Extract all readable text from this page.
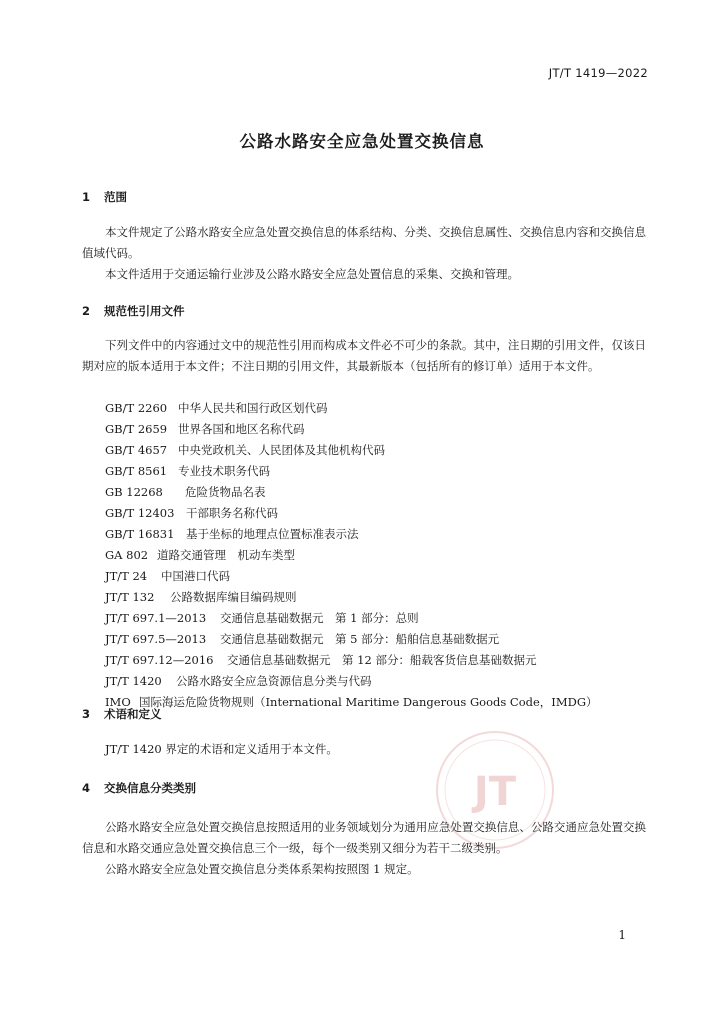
JT/T 1419—2022
公路水路安全应急处置交换信息
1 范围
本文件规定了公路水路安全应急处置交换信息的体系结构、分类、交换信息属性、交换信息内容和交换信息值域代码。
本文件适用于交通运输行业涉及公路水路安全应急处置信息的采集、交换和管理。
2 规范性引用文件
下列文件中的内容通过文中的规范性引用而构成本文件必不可少的条款。其中，注日期的引用文件，仅该日期对应的版本适用于本文件；不注日期的引用文件，其最新版本（包括所有的修订单）适用于本文件。
GB/T 2260 中华人民共和国行政区划代码
GB/T 2659 世界各国和地区名称代码
GB/T 4657 中央党政机关、人民团体及其他机构代码
GB/T 8561 专业技术职务代码
GB 12268 危险货物品名表
GB/T 12403 干部职务名称代码
GB/T 16831 基于坐标的地理点位置标准表示法
GA 802 道路交通管理　机动车类型
JT/T 24 中国港口代码
JT/T 132 公路数据库编目编码规则
JT/T 697.1—2013 交通信息基础数据元　第 1 部分：总则
JT/T 697.5—2013 交通信息基础数据元　第 5 部分：船舶信息基础数据元
JT/T 697.12—2016 交通信息基础数据元　第 12 部分：船载客货信息基础数据元
JT/T 1420 公路水路安全应急资源信息分类与代码
IMO 国际海运危险货物规则（International Maritime Dangerous Goods Code，IMDG）
3 术语和定义
JT/T 1420 界定的术语和定义适用于本文件。
JT
4 交换信息分类类别
公路水路安全应急处置交换信息按照适用的业务领域划分为通用应急处置交换信息、公路交通应急处置交换信息和水路交通应急处置交换信息三个一级，每个一级类别又细分为若干二级类别。
公路水路安全应急处置交换信息分类体系架构按照图 1 规定。
1
